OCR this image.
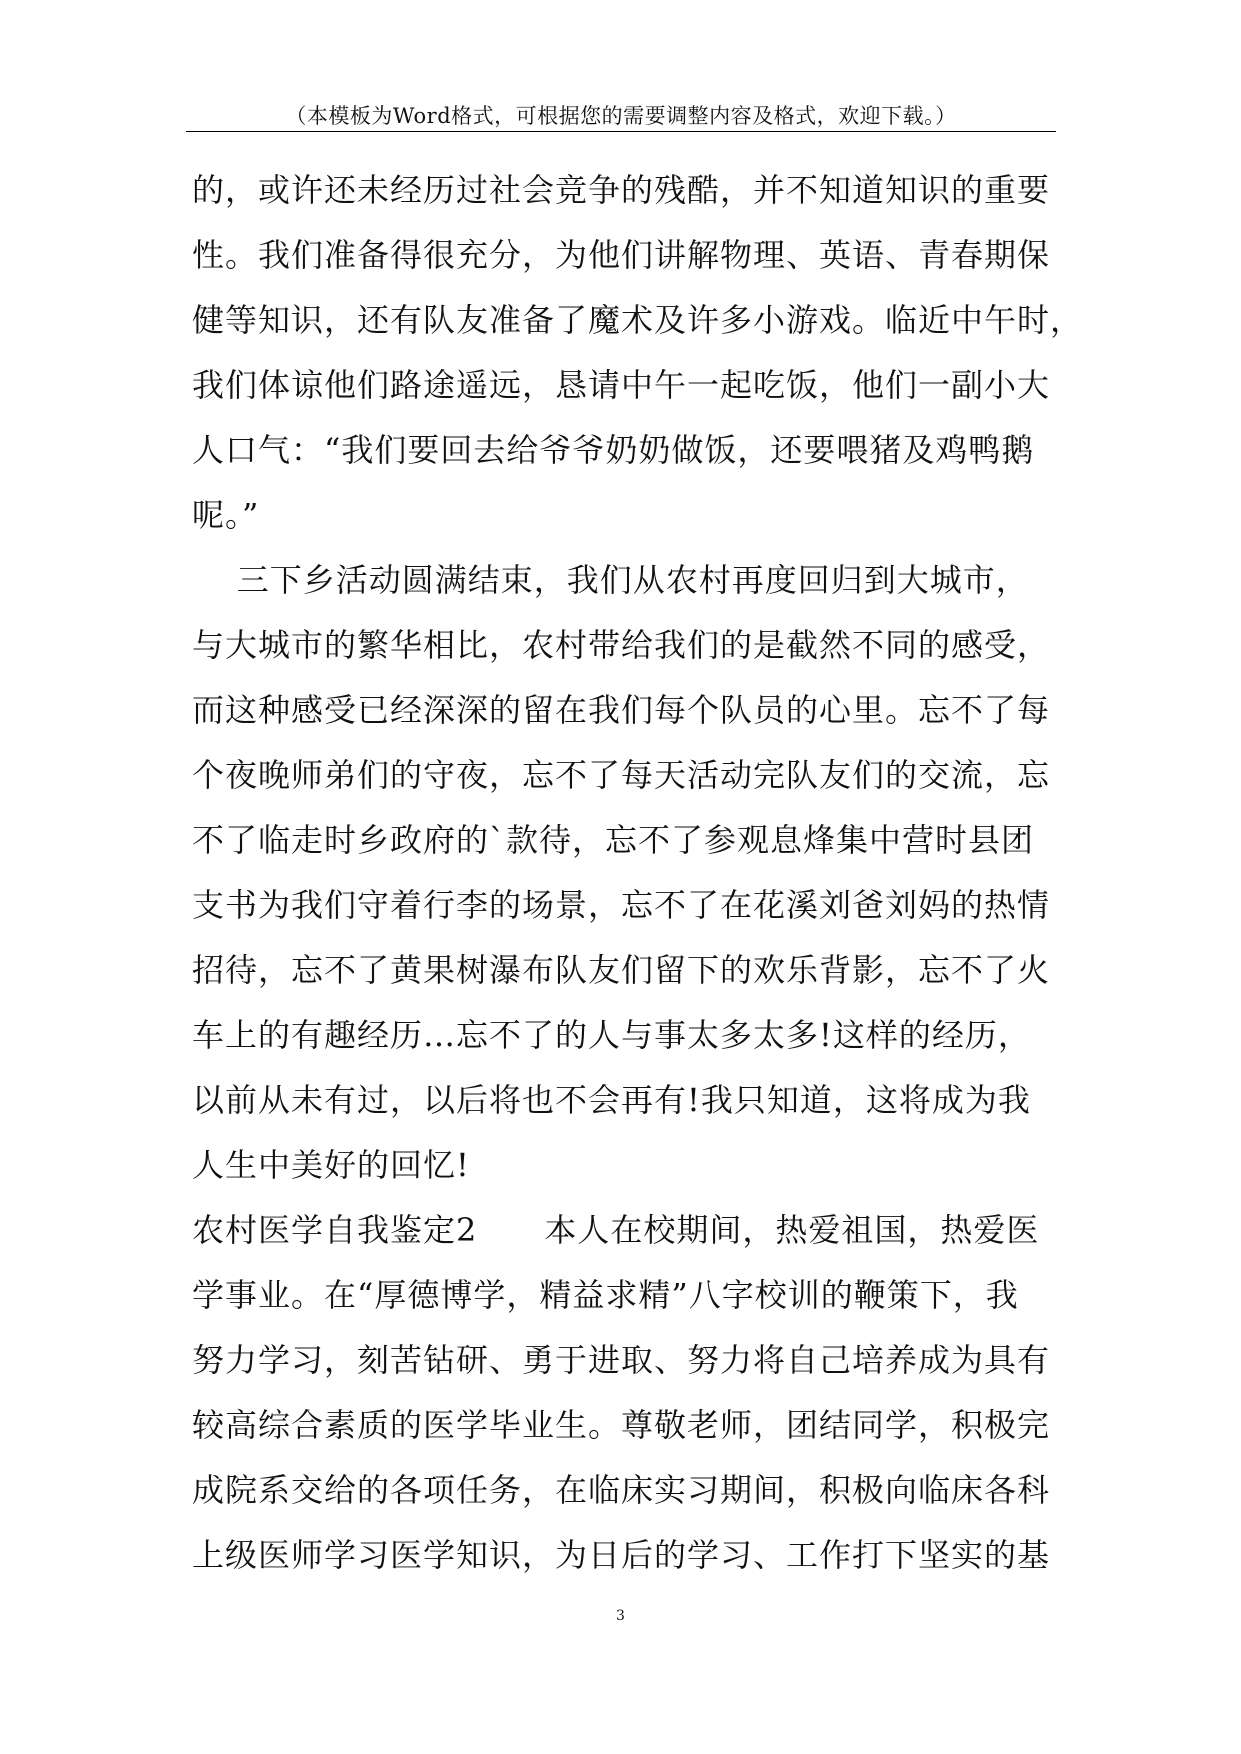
（本模板为Word格式，可根据您的需要调整内容及格式，欢迎下载。）
的，或许还未经历过社会竞争的残酷，并不知道知识的重要
性。我们准备得很充分，为他们讲解物理、英语、青春期保
健等知识，还有队友准备了魔术及许多小游戏。临近中午时，
我们体谅他们路途遥远，恳请中午一起吃饭，他们一副小大
人口气：“我们要回去给爷爷奶奶做饭，还要喂猪及鸡鸭鹅
呢。”
三下乡活动圆满结束，我们从农村再度回归到大城市，
与大城市的繁华相比，农村带给我们的是截然不同的感受，
而这种感受已经深深的留在我们每个队员的心里。忘不了每
个夜晚师弟们的守夜，忘不了每天活动完队友们的交流，忘
不了临走时乡政府的`款待，忘不了参观息烽集中营时县团
支书为我们守着行李的场景，忘不了在花溪刘爸刘妈的热情
招待，忘不了黄果树瀑布队友们留下的欢乐背影，忘不了火
车上的有趣经历…忘不了的人与事太多太多!这样的经历，
以前从未有过，以后将也不会再有!我只知道，这将成为我
人生中美好的回忆!
农村医学自我鉴定2      本人在校期间，热爱祖国，热爱医
学事业。在“厚德博学，精益求精”八字校训的鞭策下，我
努力学习，刻苦钻研、勇于进取、努力将自己培养成为具有
较高综合素质的医学毕业生。尊敬老师，团结同学，积极完
成院系交给的各项任务，在临床实习期间，积极向临床各科
上级医师学习医学知识，为日后的学习、工作打下坚实的基
3
